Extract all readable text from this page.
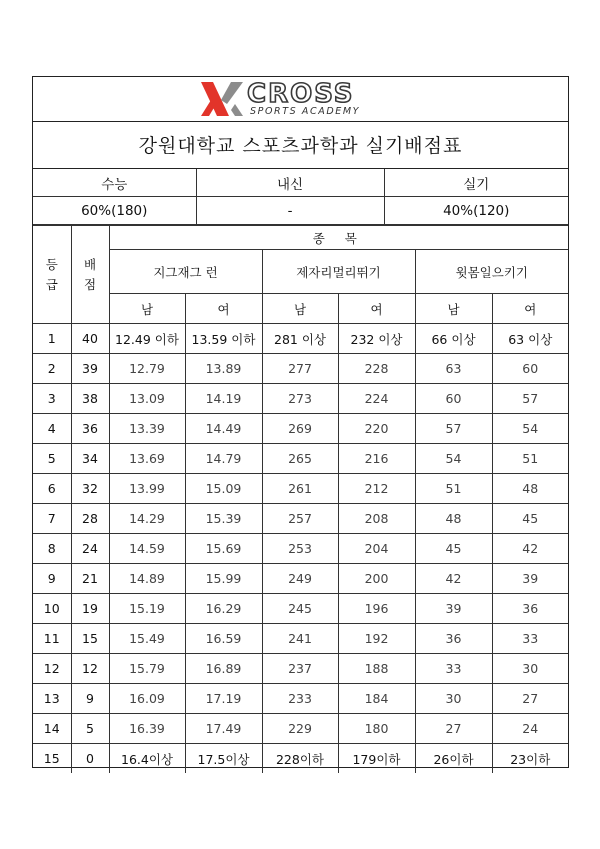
CROSS
SPORTS ACADEMY
강원대학교 스포츠과학과 실기배점표
수능	내신	실기
60%(180)	-	40%(120)
등
급	배
점	종 목					
		지그재그 런		제자리멀리뛰기		윗몸일으키기	
		남	여	남	여	남	여
1	40	12.49 이하	13.59 이하	281 이상	232 이상	66 이상	63 이상
2	39	12.79	13.89	277	228	63	60
3	38	13.09	14.19	273	224	60	57
4	36	13.39	14.49	269	220	57	54
5	34	13.69	14.79	265	216	54	51
6	32	13.99	15.09	261	212	51	48
7	28	14.29	15.39	257	208	48	45
8	24	14.59	15.69	253	204	45	42
9	21	14.89	15.99	249	200	42	39
10	19	15.19	16.29	245	196	39	36
11	15	15.49	16.59	241	192	36	33
12	12	15.79	16.89	237	188	33	30
13	9	16.09	17.19	233	184	30	27
14	5	16.39	17.49	229	180	27	24
15	0	16.4이상	17.5이상	228이하	179이하	26이하	23이하
